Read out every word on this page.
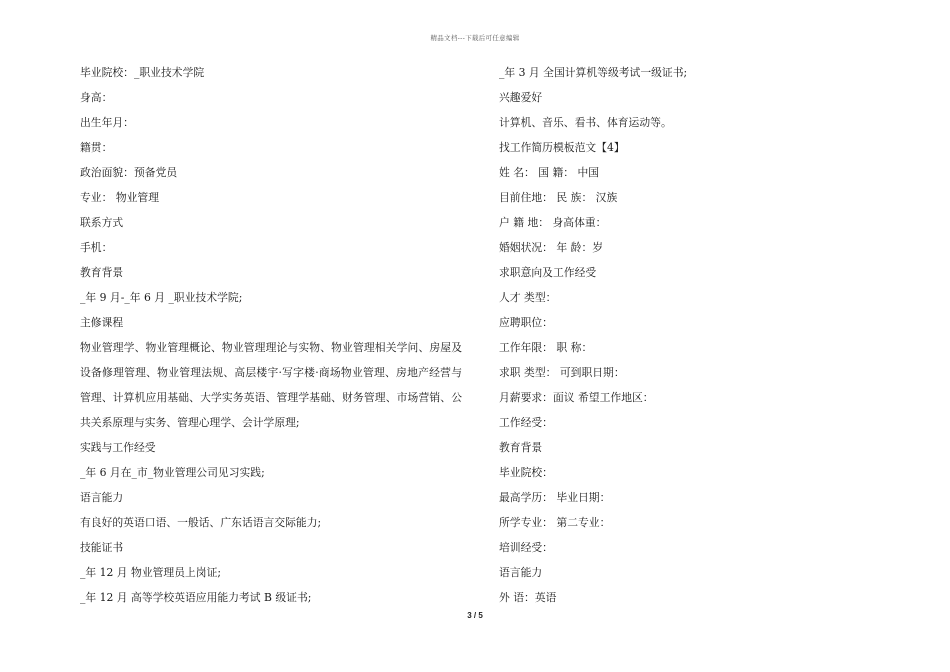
精品文档---下载后可任意编辑
毕业院校：_职业技术学院
身高：
出生年月：
籍贯：
政治面貌：预备党员
专业： 物业管理
联系方式
手机：
教育背景
_年 9 月-_年 6 月 _职业技术学院;
主修课程

物业管理学、物业管理概论、物业管理理论与实物、物业管理相关学问、房屋及设备修理管理、物业管理法规、高层楼宇·写字楼·商场物业管理、房地产经营与管理、计算机应用基础、大学实务英语、管理学基础、财务管理、市场营销、公共关系原理与实务、管理心理学、会计学原理;

实践与工作经受
_年 6 月在_市_物业管理公司见习实践;
语言能力
有良好的英语口语、一般话、广东话语言交际能力;
技能证书
_年 12 月 物业管理员上岗证;
_年 12 月 高等学校英语应用能力考试 B 级证书;
_年 3 月 全国计算机等级考试一级证书;
兴趣爱好
计算机、音乐、看书、体育运动等。
找工作简历模板范文【4】
姓 名： 国 籍： 中国
目前住地： 民 族： 汉族
户 籍 地： 身高体重：
婚姻状况： 年 龄：岁
求职意向及工作经受
人才 类型：
应聘职位：
工作年限： 职 称：
求职 类型： 可到职日期：
月薪要求：面议 希望工作地区：
工作经受：
教育背景
毕业院校：
最高学历： 毕业日期：
所学专业： 第二专业：
培训经受：
语言能力
外 语：英语
3 / 5
